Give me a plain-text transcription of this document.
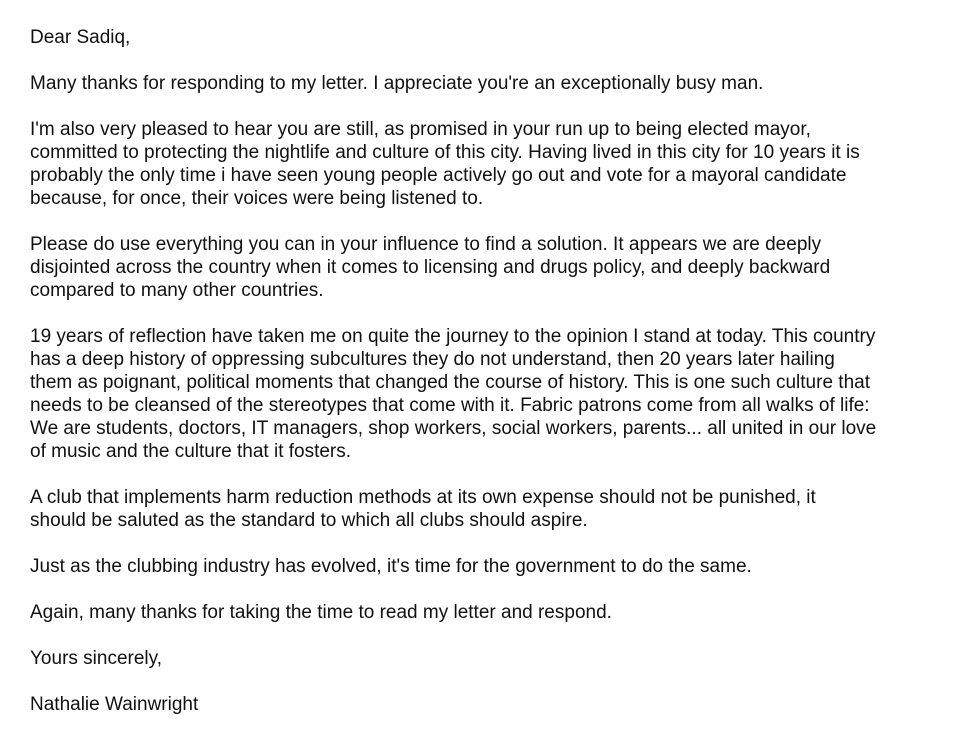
Dear Sadiq,

Many thanks for responding to my letter. I appreciate you're an exceptionally busy man.

I'm also very pleased to hear you are still, as promised in your run up to being elected mayor,
committed to protecting the nightlife and culture of this city. Having lived in this city for 10 years it is
probably the only time i have seen young people actively go out and vote for a mayoral candidate
because, for once, their voices were being listened to.

Please do use everything you can in your influence to find a solution. It appears we are deeply
disjointed across the country when it comes to licensing and drugs policy, and deeply backward
compared to many other countries.

19 years of reflection have taken me on quite the journey to the opinion I stand at today. This country
has a deep history of oppressing subcultures they do not understand, then 20 years later hailing
them as poignant, political moments that changed the course of history. This is one such culture that
needs to be cleansed of the stereotypes that come with it. Fabric patrons come from all walks of life:
We are students, doctors, IT managers, shop workers, social workers, parents... all united in our love
of music and the culture that it fosters.

A club that implements harm reduction methods at its own expense should not be punished, it
should be saluted as the standard to which all clubs should aspire.

Just as the clubbing industry has evolved, it's time for the government to do the same.

Again, many thanks for taking the time to read my letter and respond.

Yours sincerely,

Nathalie Wainwright
